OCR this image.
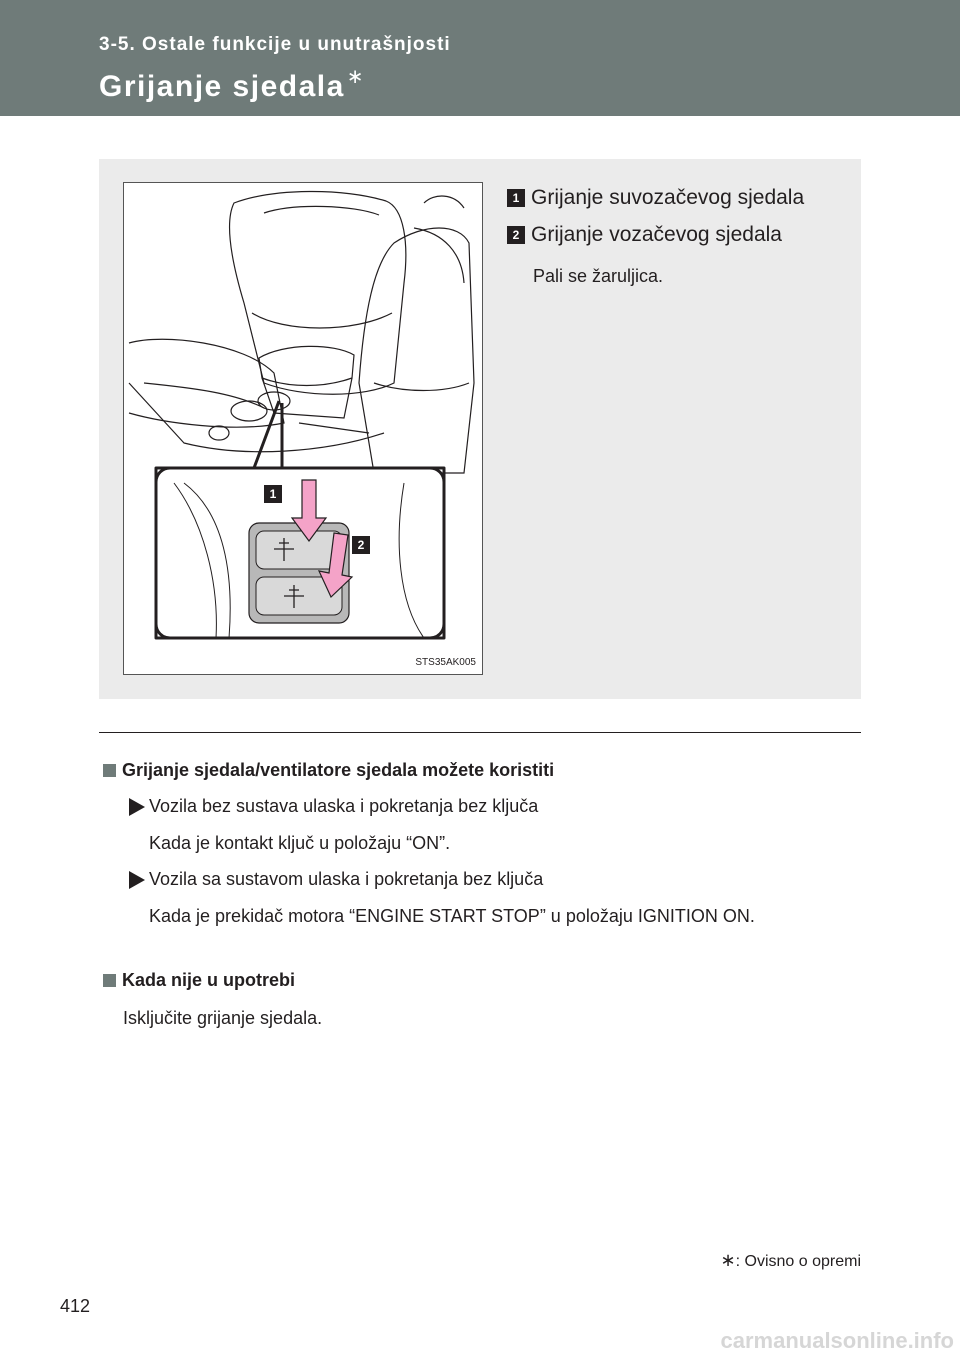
3-5. Ostale funkcije u unutrašnjosti
Grijanje sjedala ∗
1
2
STS35AK005
1 Grijanje suvozačevog sjedala
2 Grijanje vozačevog sjedala
Pali se žaruljica.
Grijanje sjedala/ventilatore sjedala možete koristiti
Vozila bez sustava ulaska i pokretanja bez ključa
Kada je kontakt ključ u položaju “ON”.
Vozila sa sustavom ulaska i pokretanja bez ključa
Kada je prekidač motora “ENGINE START STOP” u položaju IGNITION ON.
Kada nije u upotrebi
Isključite grijanje sjedala.
∗: Ovisno o opremi
412
carmanualsonline.info
